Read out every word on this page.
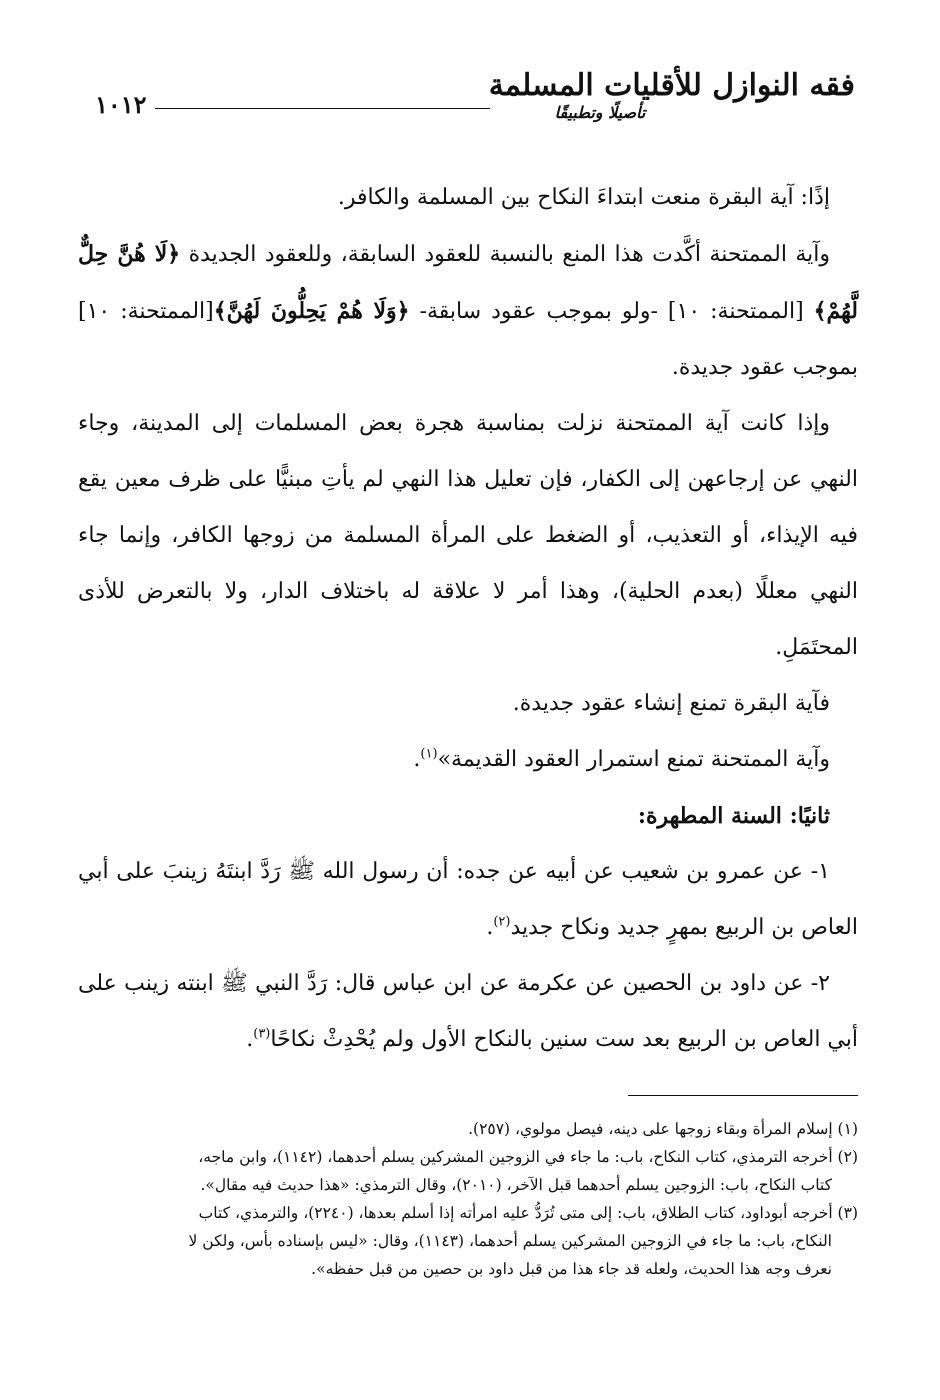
١٠١٢
فقه النوازل للأقليات المسلمة
تأصيلًا وتطبيقًا

إذًا: آية البقرة منعت ابتداءَ النكاح بين المسلمة والكافر.

وآية الممتحنة أكَّدت هذا المنع بالنسبة للعقود السابقة، وللعقود الجديدة ﴿لَا هُنَّ حِلٌّ لَّهُمْ﴾ [الممتحنة: ١٠] -ولو بموجب عقود سابقة- ﴿وَلَا هُمْ يَحِلُّونَ لَهُنَّ﴾[الممتحنة: ١٠] بموجب عقود جديدة.

وإذا كانت آية الممتحنة نزلت بمناسبة هجرة بعض المسلمات إلى المدينة، وجاء النهي عن إرجاعهن إلى الكفار، فإن تعليل هذا النهي لم يأتِ مبنيًّا على ظرف معين يقع فيه الإيذاء، أو التعذيب، أو الضغط على المرأة المسلمة من زوجها الكافر، وإنما جاء النهي معللًا (بعدم الحلية)، وهذا أمر لا علاقة له باختلاف الدار، ولا بالتعرض للأذى المحتَمَلِ.

فآية البقرة تمنع إنشاء عقود جديدة.

وآية الممتحنة تمنع استمرار العقود القديمة»$^{(١)}$.

ثانيًا: السنة المطهرة:

١- عن عمرو بن شعيب عن أبيه عن جده: أن رسول الله ﷺ رَدَّ ابنتَهُ زينبَ على أبي العاص بن الربيع بمهرٍ جديد ونكاح جديد$^{(٢)}$.

٢- عن داود بن الحصين عن عكرمة عن ابن عباس قال: رَدَّ النبي ﷺ ابنته زينب على أبي العاص بن الربيع بعد ست سنين بالنكاح الأول ولم يُحْدِثْ نكاحًا$^{(٣)}$.

(١) إسلام المرأة وبقاء زوجها على دينه، فيصل مولوي، (٢٥٧).

(٢) أخرجه الترمذي، كتاب النكاح، باب: ما جاء في الزوجين المشركين يسلم أحدهما، (١١٤٢)، وابن ماجه،

كتاب النكاح، باب: الزوجين يسلم أحدهما قبل الآخر، (٢٠١٠)، وقال الترمذي: «هذا حديث فيه مقال».

(٣) أخرجه أبوداود، كتاب الطلاق، باب: إلى متى تُرَدُّ عليه امرأته إذا أسلم بعدها، (٢٢٤٠)، والترمذي، كتاب

النكاح، باب: ما جاء في الزوجين المشركين يسلم أحدهما، (١١٤٣)، وقال: «ليس بإسناده بأس، ولكن لا

نعرف وجه هذا الحديث، ولعله قد جاء هذا من قبل داود بن حصين من قبل حفظه».
